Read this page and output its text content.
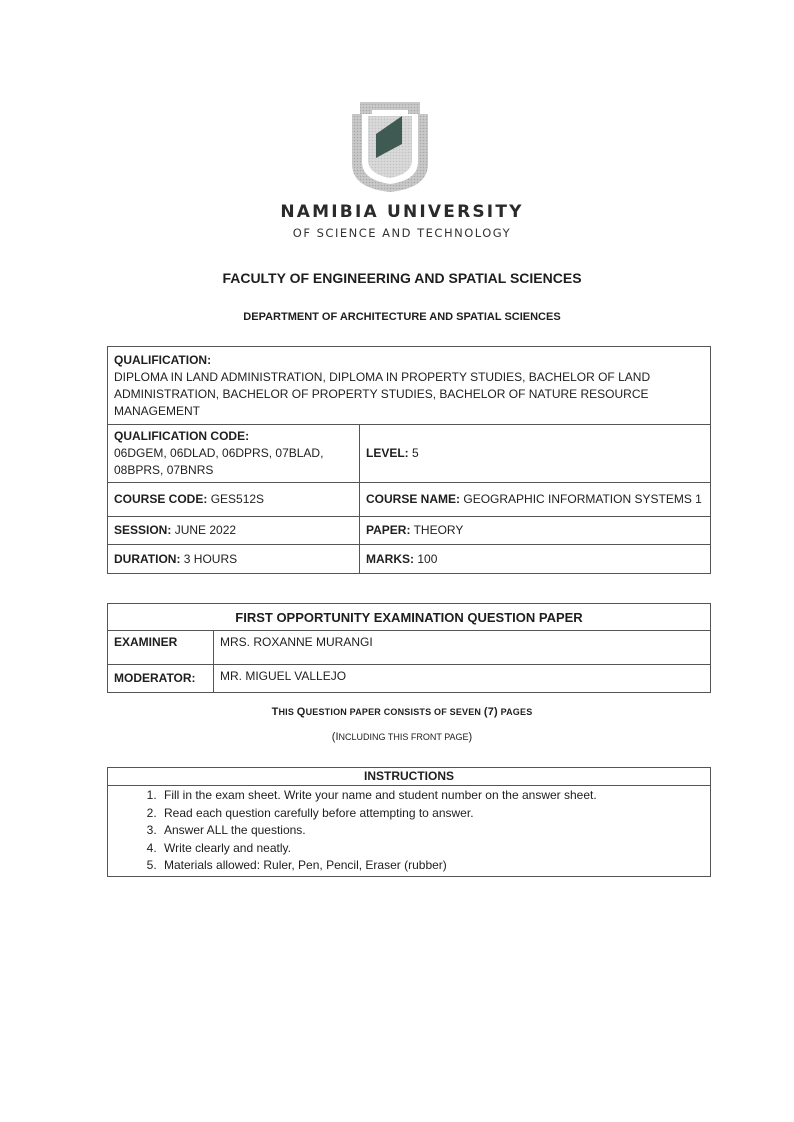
NAMIBIA UNIVERSITY
OF SCIENCE AND TECHNOLOGY
FACULTY OF ENGINEERING AND SPATIAL SCIENCES
DEPARTMENT OF ARCHITECTURE AND SPATIAL SCIENCES
QUALIFICATION:
DIPLOMA IN LAND ADMINISTRATION, DIPLOMA IN PROPERTY STUDIES, BACHELOR OF LAND ADMINISTRATION, BACHELOR OF PROPERTY STUDIES, BACHELOR OF NATURE RESOURCE MANAGEMENT	
QUALIFICATION CODE:
06DGEM, 06DLAD, 06DPRS, 07BLAD, 08BPRS, 07BNRS	LEVEL: 5
COURSE CODE: GES512S	COURSE NAME: GEOGRAPHIC INFORMATION SYSTEMS 1
SESSION: JUNE 2022	PAPER: THEORY
DURATION: 3 HOURS	MARKS: 100
FIRST OPPORTUNITY EXAMINATION QUESTION PAPER	
EXAMINER	MRS. ROXANNE MURANGI
MODERATOR:	MR. MIGUEL VALLEJO
THIS QUESTION PAPER CONSISTS OF SEVEN (7) PAGES
(INCLUDING THIS FRONT PAGE)
INSTRUCTIONS
1. Fill in the exam sheet. Write your name and student number on the answer sheet.
2. Read each question carefully before attempting to answer.
3. Answer ALL the questions.
4. Write clearly and neatly.
5. Materials allowed: Ruler, Pen, Pencil, Eraser (rubber)
